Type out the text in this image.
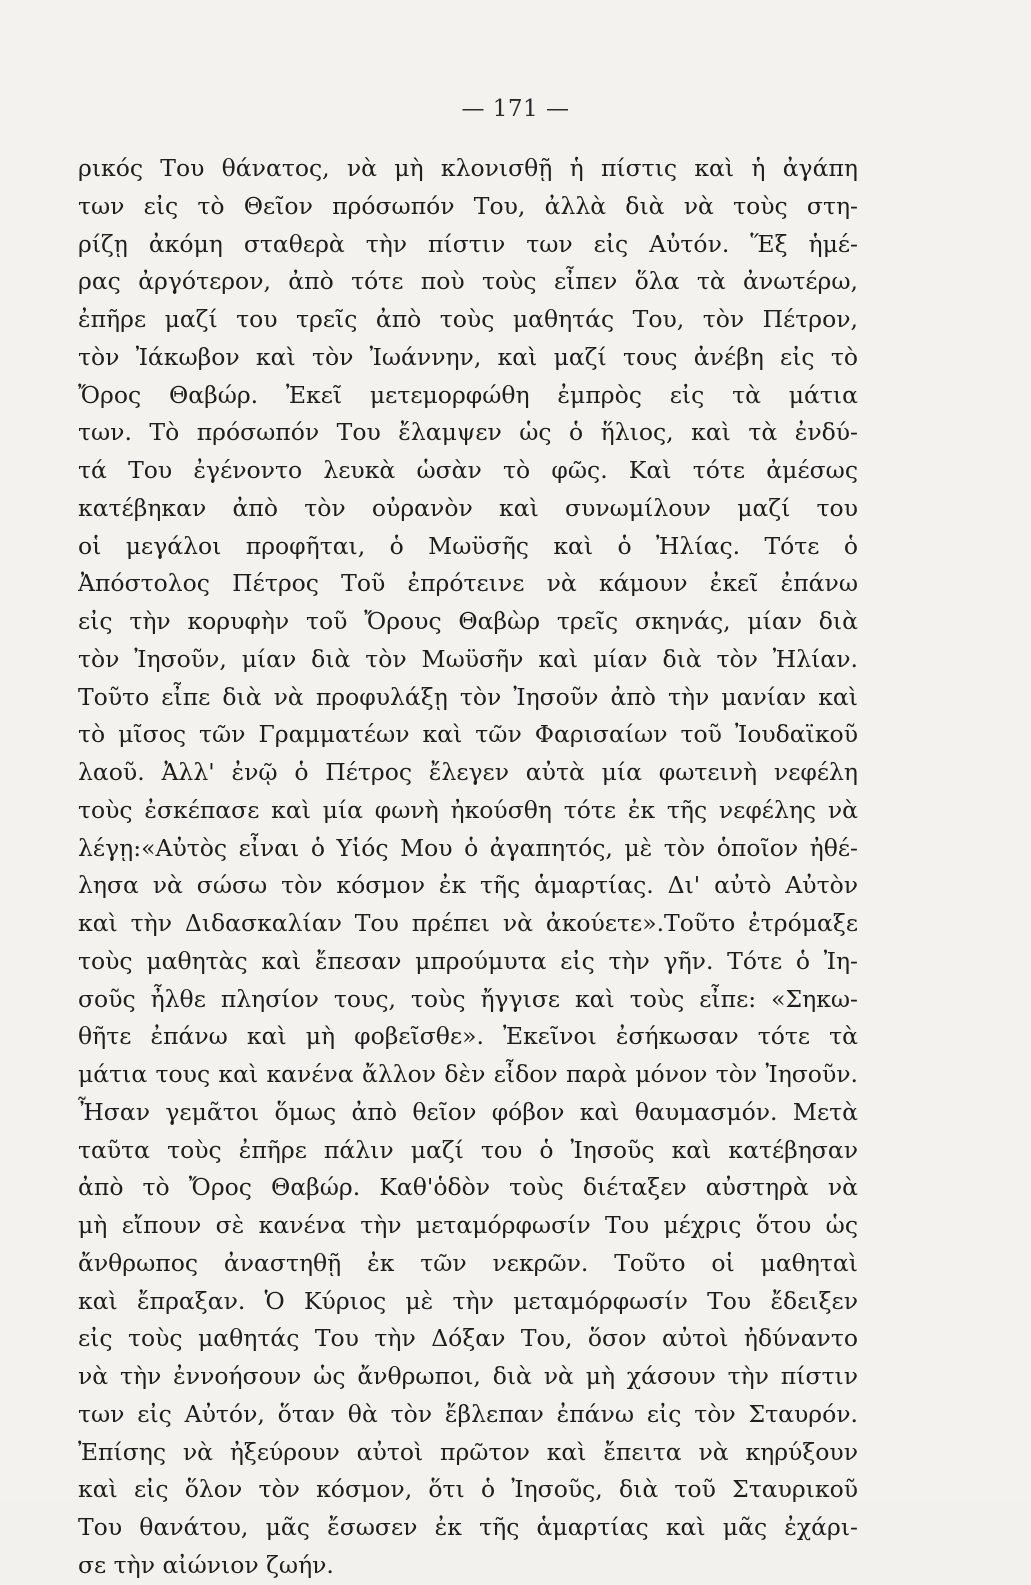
— 171 —
ρικός Του θάνατος, νὰ μὴ κλονισθῇ ἡ πίστις καὶ ἡ ἀγάπη
των εἰς τὸ Θεῖον πρόσωπόν Του, ἀλλὰ διὰ νὰ τοὺς στη-
ρίζῃ ἀκόμη σταθερὰ τὴν πίστιν των εἰς Αὐτόν. Ἕξ ἡμέ-
ρας ἀργότερον, ἀπὸ τότε ποὺ τοὺς εἶπεν ὅλα τὰ ἀνωτέρω,
ἐπῆρε μαζί του τρεῖς ἀπὸ τοὺς μαθητάς Του, τὸν Πέτρον,
τὸν Ἰάκωβον καὶ τὸν Ἰωάννην, καὶ μαζί τους ἀνέβη εἰς τὸ
Ὄρος Θαβώρ. Ἐκεῖ μετεμορφώθη ἐμπρὸς εἰς τὰ μάτια
των. Τὸ πρόσωπόν Του ἔλαμψεν ὡς ὁ ἥλιος, καὶ τὰ ἐνδύ-
τά Του ἐγένοντο λευκὰ ὡσὰν τὸ φῶς. Καὶ τότε ἀμέσως
κατέβηκαν ἀπὸ τὸν οὐρανὸν καὶ συνωμίλουν μαζί του
οἱ μεγάλοι προφῆται, ὁ Μωϋσῆς καὶ ὁ Ἠλίας. Τότε ὁ
Ἀπόστολος Πέτρος Τοῦ ἐπρότεινε νὰ κάμουν ἐκεῖ ἐπάνω
εἰς τὴν κορυφὴν τοῦ Ὄρους Θαβὼρ τρεῖς σκηνάς, μίαν διὰ
τὸν Ἰησοῦν, μίαν διὰ τὸν Μωϋσῆν καὶ μίαν διὰ τὸν Ἠλίαν.
Τοῦτο εἶπε διὰ νὰ προφυλάξῃ τὸν Ἰησοῦν ἀπὸ τὴν μανίαν καὶ
τὸ μῖσος τῶν Γραμματέων καὶ τῶν Φαρισαίων τοῦ Ἰουδαϊκοῦ
λαοῦ. Ἀλλ' ἐνῷ ὁ Πέτρος ἔλεγεν αὐτὰ μία φωτεινὴ νεφέλη
τοὺς ἐσκέπασε καὶ μία φωνὴ ἠκούσθη τότε ἐκ τῆς νεφέλης νὰ
λέγῃ:«Αὐτὸς εἶναι ὁ Υἱός Μου ὁ ἀγαπητός, μὲ τὸν ὁποῖον ἠθέ-
λησα νὰ σώσω τὸν κόσμον ἐκ τῆς ἁμαρτίας. Δι' αὐτὸ Αὐτὸν
καὶ τὴν Διδασκαλίαν Του πρέπει νὰ ἀκούετε».Τοῦτο ἐτρόμαξε
τοὺς μαθητὰς καὶ ἔπεσαν μπρούμυτα εἰς τὴν γῆν. Τότε ὁ Ἰη-
σοῦς ἦλθε πλησίον τους, τοὺς ἤγγισε καὶ τοὺς εἶπε: «Σηκω-
θῆτε ἐπάνω καὶ μὴ φοβεῖσθε». Ἐκεῖνοι ἐσήκωσαν τότε τὰ
μάτια τους καὶ κανένα ἄλλον δὲν εἶδον παρὰ μόνον τὸν Ἰησοῦν.
Ἦσαν γεμᾶτοι ὅμως ἀπὸ θεῖον φόβον καὶ θαυμασμόν. Μετὰ
ταῦτα τοὺς ἐπῆρε πάλιν μαζί του ὁ Ἰησοῦς καὶ κατέβησαν
ἀπὸ τὸ Ὄρος Θαβώρ. Καθ'ὁδὸν τοὺς διέταξεν αὐστηρὰ νὰ
μὴ εἴπουν σὲ κανένα τὴν μεταμόρφωσίν Του μέχρις ὅτου ὡς
ἄνθρωπος ἀναστηθῇ ἐκ τῶν νεκρῶν. Τοῦτο οἱ μαθηταὶ
καὶ ἔπραξαν. Ὁ Κύριος μὲ τὴν μεταμόρφωσίν Του ἔδειξεν
εἰς τοὺς μαθητάς Του τὴν Δόξαν Του, ὅσον αὐτοὶ ἠδύναντο
νὰ τὴν ἐννοήσουν ὡς ἄνθρωποι, διὰ νὰ μὴ χάσουν τὴν πίστιν
των εἰς Αὐτόν, ὅταν θὰ τὸν ἔβλεπαν ἐπάνω εἰς τὸν Σταυρόν.
Ἐπίσης νὰ ἠξεύρουν αὐτοὶ πρῶτον καὶ ἔπειτα νὰ κηρύξουν
καὶ εἰς ὅλον τὸν κόσμον, ὅτι ὁ Ἰησοῦς, διὰ τοῦ Σταυρικοῦ
Του θανάτου, μᾶς ἔσωσεν ἐκ τῆς ἁμαρτίας καὶ μᾶς ἐχάρι-
σε τὴν αἰώνιον ζωήν.
